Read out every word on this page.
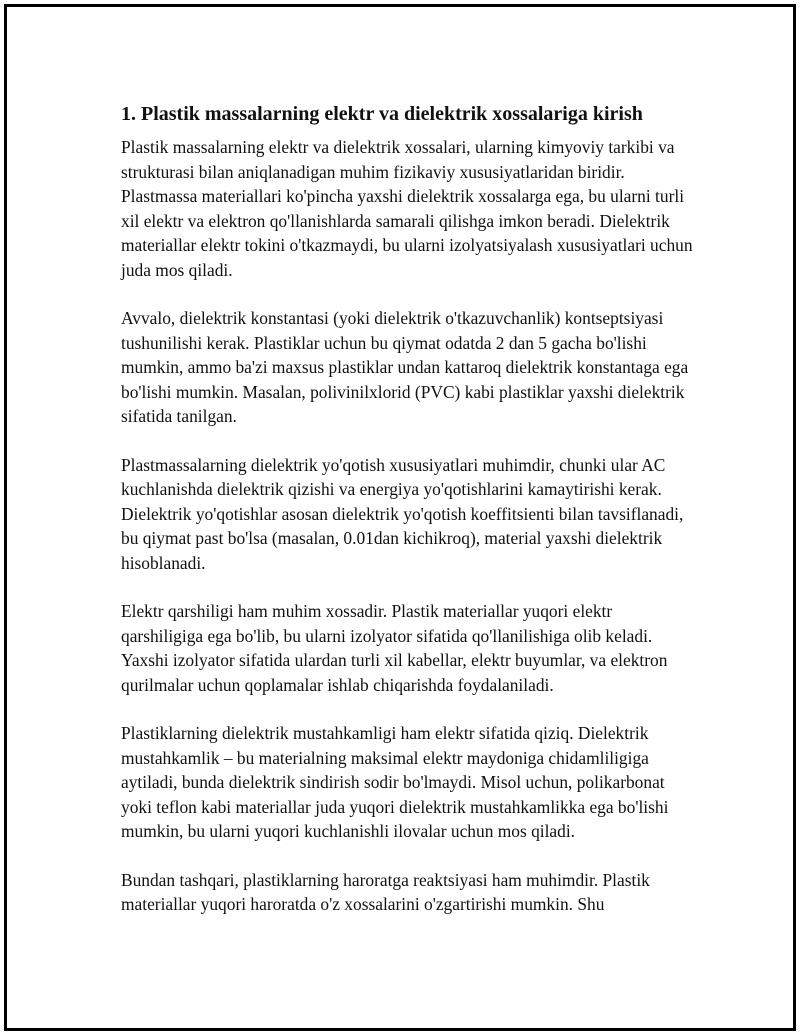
1. Plastik massalarning elektr va dielektrik xossalariga kirish

Plastik massalarning elektr va dielektrik xossalari, ularning kimyoviy tarkibi va strukturasi bilan aniqlanadigan muhim fizikaviy xususiyatlaridan biridir. Plastmassa materiallari ko'pincha yaxshi dielektrik xossalarga ega, bu ularni turli xil elektr va elektron qo'llanishlarda samarali qilishga imkon beradi. Dielektrik materiallar elektr tokini o'tkazmaydi, bu ularni izolyatsiyalash xususiyatlari uchun juda mos qiladi.

Avvalo, dielektrik konstantasi (yoki dielektrik o'tkazuvchanlik) kontseptsiyasi tushunilishi kerak. Plastiklar uchun bu qiymat odatda 2 dan 5 gacha bo'lishi mumkin, ammo ba'zi maxsus plastiklar undan kattaroq dielektrik konstantaga ega bo'lishi mumkin. Masalan, polivinilxlorid (PVC) kabi plastiklar yaxshi dielektrik sifatida tanilgan.

Plastmassalarning dielektrik yo'qotish xususiyatlari muhimdir, chunki ular AC kuchlanishda dielektrik qizishi va energiya yo'qotishlarini kamaytirishi kerak. Dielektrik yo'qotishlar asosan dielektrik yo'qotish koeffitsienti bilan tavsiflanadi, bu qiymat past bo'lsa (masalan, 0.01dan kichikroq), material yaxshi dielektrik hisoblanadi.

Elektr qarshiligi ham muhim xossadir. Plastik materiallar yuqori elektr qarshiligiga ega bo'lib, bu ularni izolyator sifatida qo'llanilishiga olib keladi. Yaxshi izolyator sifatida ulardan turli xil kabellar, elektr buyumlar, va elektron qurilmalar uchun qoplamalar ishlab chiqarishda foydalaniladi.

Plastiklarning dielektrik mustahkamligi ham elektr sifatida qiziq. Dielektrik mustahkamlik – bu materialning maksimal elektr maydoniga chidamliligiga aytiladi, bunda dielektrik sindirish sodir bo'lmaydi. Misol uchun, polikarbonat yoki teflon kabi materiallar juda yuqori dielektrik mustahkamlikka ega bo'lishi mumkin, bu ularni yuqori kuchlanishli ilovalar uchun mos qiladi.

Bundan tashqari, plastiklarning haroratga reaktsiyasi ham muhimdir. Plastik materiallar yuqori haroratda o'z xossalarini o'zgartirishi mumkin. Shu
